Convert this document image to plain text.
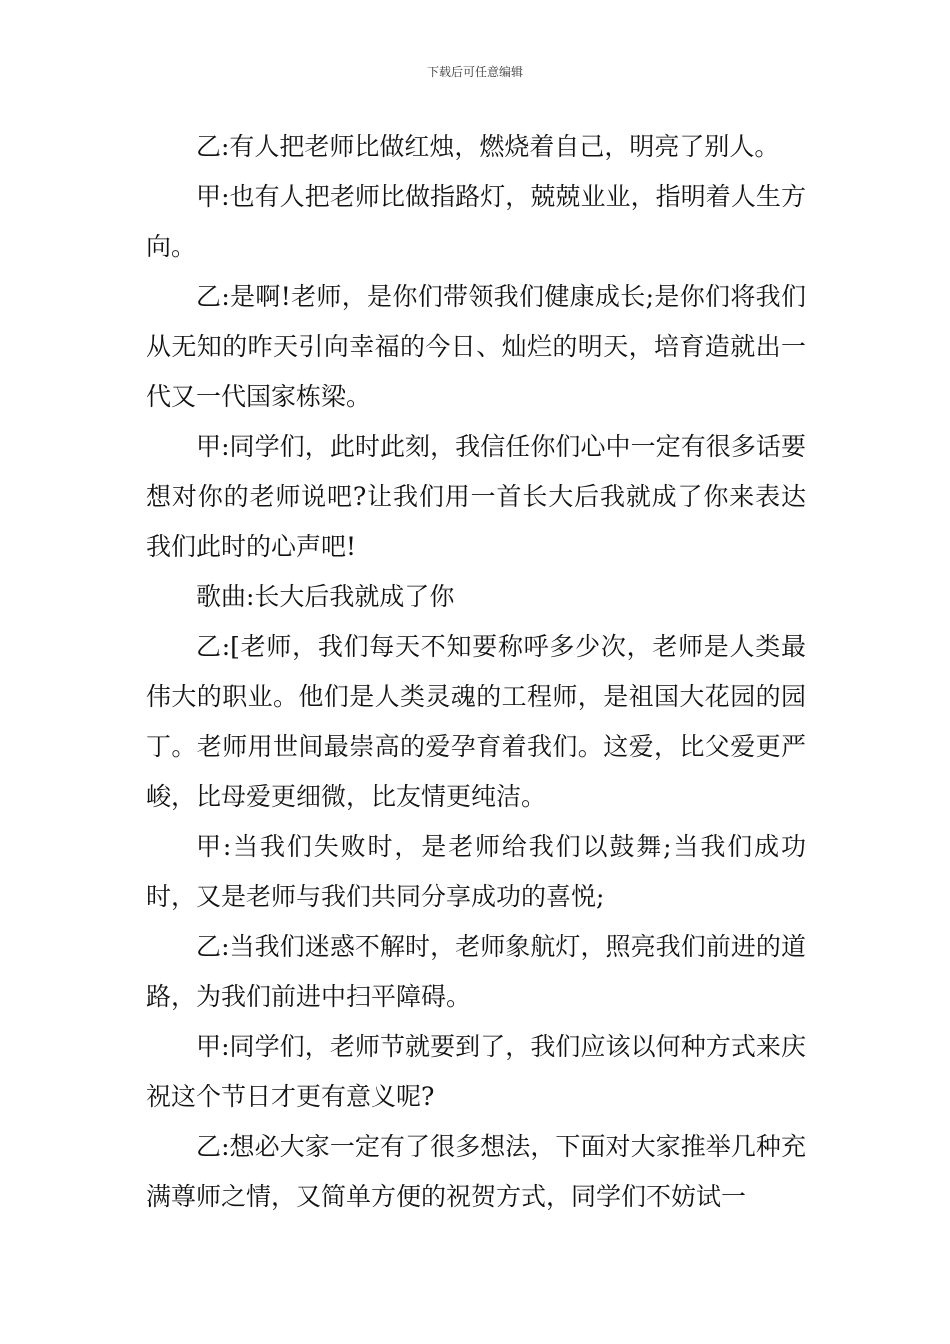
下载后可任意编辑

乙:有人把老师比做红烛，燃烧着自己，明亮了别人。

甲:也有人把老师比做指路灯，兢兢业业，指明着人生方向。

乙:是啊!老师，是你们带领我们健康成长;是你们将我们从无知的昨天引向幸福的今日、灿烂的明天，培育造就出一代又一代国家栋梁。

甲:同学们，此时此刻，我信任你们心中一定有很多话要想对你的老师说吧?让我们用一首长大后我就成了你来表达我们此时的心声吧!

歌曲:长大后我就成了你

乙:[老师，我们每天不知要称呼多少次，老师是人类最伟大的职业。他们是人类灵魂的工程师，是祖国大花园的园丁。老师用世间最崇高的爱孕育着我们。这爱，比父爱更严峻，比母爱更细微，比友情更纯洁。

甲:当我们失败时，是老师给我们以鼓舞;当我们成功时，又是老师与我们共同分享成功的喜悦;

乙:当我们迷惑不解时，老师象航灯，照亮我们前进的道路，为我们前进中扫平障碍。

甲:同学们，老师节就要到了，我们应该以何种方式来庆祝这个节日才更有意义呢?

乙:想必大家一定有了很多想法，下面对大家推举几种充满尊师之情，又简单方便的祝贺方式，同学们不妨试一
